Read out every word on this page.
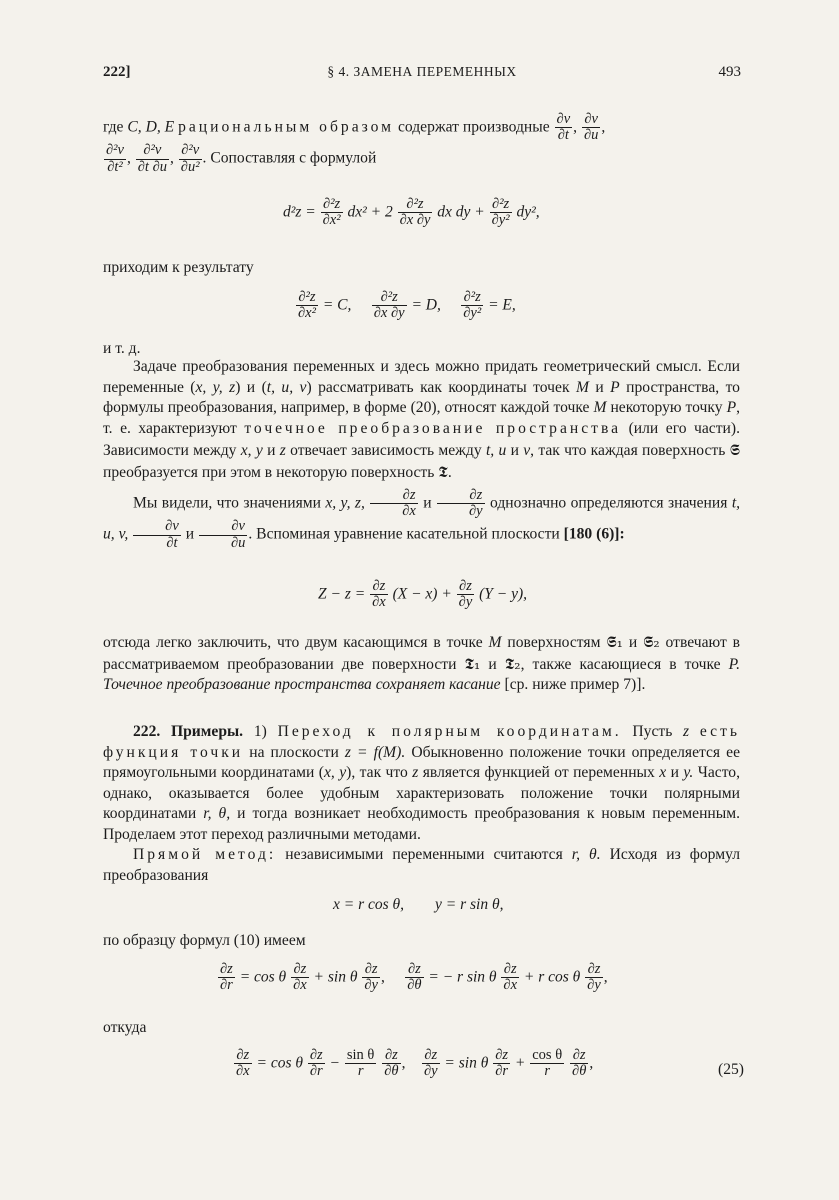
222]	§ 4. ЗАМЕНА ПЕРЕМЕННЫХ	493
где C, D, E рациональным образом содержат производные $\frac{\partial v}{\partial t}$ , $\frac{\partial v}{\partial u}$ ,

$\frac{\text{∂²v}}{\text{∂t²}}$ , $\frac{\text{∂²v}}{\partial t \partial u}$ , $\frac{\text{∂²v}}{\text{∂u²}}$ . Сопоставляя с формулой
$d^2z = \frac{\text{∂²z}}{\text{∂x²}} dx^2 + 2 \frac{\text{∂²z}}{\partial x \partial y}$ dx dy + $\frac{\text{∂²z}}{\text{∂y²}} dy^2$,
приходим к результату
$\frac{\text{∂²z}}{\text{∂x²}} = C$, $\frac{\text{∂²z}}{\partial x \partial y} = D$, $\frac{\text{∂²z}}{\text{∂y²}} = E$,
и т. д.
Задаче преобразования переменных и здесь можно придать геометрический смысл. Если переменные (x, y, z) и (t, u, v) рассматривать как координаты точек M и P пространства, то формулы преобразования, например, в форме (20), относят каждой точке M некоторую точку P, т. е. характеризуют точечное преобразование пространства (или его части). Зависимости между x, y и z отвечает зависимость между t, u и v, так что каждая поверхность 𝕾 преобразуется при этом в некоторую поверхность 𝕿.
Мы видели, что значениями x, y, z, $\frac{\partial z}{\partial x}$ и $\frac{\partial z}{\partial y}$ однозначно определяются значения t, u, v, $\frac{\partial v}{\partial t}$ и $\frac{\partial v}{\partial u}$ . Вспоминая уравнение касательной плоскости [180 (6)]:
$Z - z = \frac{\partial z}{\partial x} (X - x) + \frac{\partial z}{\partial y} (Y - y)$,
отсюда легко заключить, что двум касающимся в точке M поверхностям 𝕾₁ и 𝕾₂ отвечают в рассматриваемом преобразовании две поверхности 𝕿₁ и 𝕿₂, также касающиеся в точке P. Точечное преобразование пространства сохраняет касание [ср. ниже пример 7)].
222. Примеры. 1) Переход к полярным координатам. Пусть z есть функция точки на плоскости z = f(M). Обыкновенно положение точки определяется ее прямоугольными координатами (x, y), так что z является функцией от переменных x и y. Часто, однако, оказывается более удобным характеризовать положение точки полярными координатами r, θ, и тогда возникает необходимость преобразования к новым переменным. Проделаем этот переход различными методами.
Прямой метод: независимыми переменными считаются r, θ. Исходя из формул преобразования
x = r cos θ,        y = r sin θ,
по образцу формул (10) имеем
$\frac{\partial z}{\partial r} = \cos \theta \frac{\partial z}{\partial x} + \sin \theta \frac{\partial z}{\partial y}$ , $\frac{\partial z}{\partial\theta}$ = − r sin θ $\frac{\partial z}{\partial x} + r$ cos θ $\frac{\partial z}{\partial y}$ ,
откуда
$\frac{\partial z}{\partial x} = \cos \theta \frac{\partial z}{\partial r} - \frac{\text{sin θ}}{r}$
$\frac{\partial z}{\partial\theta}$ , $\frac{\partial z}{\partial y} = \sin \theta \frac{\partial z}{\partial r} + \frac{\text{cos θ}}{r}$
$\frac{\partial z}{\partial\theta}$ ,	(25)
